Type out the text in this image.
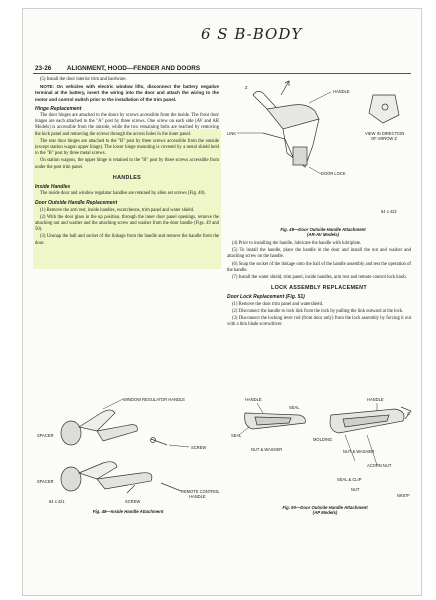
6 S B-BODY
23-26 ALIGNMENT, HOOD—FENDER AND DOORS

(5) Install the door interior trim and hardware.

NOTE: On vehicles with electric window lifts, disconnect the battery negative terminal at the battery, insert the wiring into the door and attach the wiring to the motor and control switch prior to the installation of the trim panel.

Hinge Replacement

The door hinges are attached to the doors by screws accessible from the inside. The front door hinges are each attached to the "A" post by three screws. One screw on each side (AV and AR Models) is accessible from the outside, while the two remaining bolts are reached by removing the kick panel and removing the screws through the access holes in the inner panel.

The rear door hinges are attached to the "B" post by three screws accessible from the outside (except station wagon upper hinge). The lower hinge mounting is covered by a metal shield held to the "B" post by three metal screws.

On station wagons, the upper hinge is retained to the "B" post by three screws accessible from under the post trim panel.

HANDLES
Inside Handles

The inside door and window regulator handles are retained by allen set screws (Fig. 48).

Door Outside Handle Replacement

(1) Remove the arm rest, inside handles, escutcheons, trim panel and water shield.

(2) With the door glass in the up position, through the inner door panel openings, remove the attaching nut and washer and the attaching screw and washer from the door handle (Figs. 49 and 50).

(3) Unsnap the ball and socket of the linkage from the handle and remove the handle from the door.

Z
HANDLE
LINK	VIEW IN DIRECTION
OF ARROW Z
DOOR LOCK
64 x 422
Fig. 49—Door Outside Handle Attachment
(AR-AV Models)

(4) Prior to installing the handle, lubricate the handle with lubriplate.

(5) To install the handle, place the handle in the door and install the nut and washer and attaching screw on the handle.

(6) Snap the socket of the linkage onto the ball of the handle assembly and test the operation of the handle.

(7) Install the water shield, trim panel, inside handles, arm rest and remote control lock knob.

LOCK ASSEMBLY REPLACEMENT
Door Lock Replacement (Fig. 51)

(1) Remove the door trim panel and watershield.

(2) Disconnect the handle to lock link from the lock by pulling the link outward at the lock.

(3) Disconnect the locking lever rod (front door only) from the lock assembly by forcing it out with a thin blade screwdriver.

WINDOW REGULATOR HANDLE
SPACER
SCREW
SPACER
64 x 421	SCREW
REMOTE CONTROL
HANDLE
Fig. 48—Inside Handle Attachment
HANDLE
SEAL
HANDLE
A
SEAL
MOLDING
NUT & WASHER	NUT & WASHER
ACORN NUT
SEAL & CLIP
NUT
NK87F
Fig. 50—Door Outside Handle Attachment
(AP Models)
